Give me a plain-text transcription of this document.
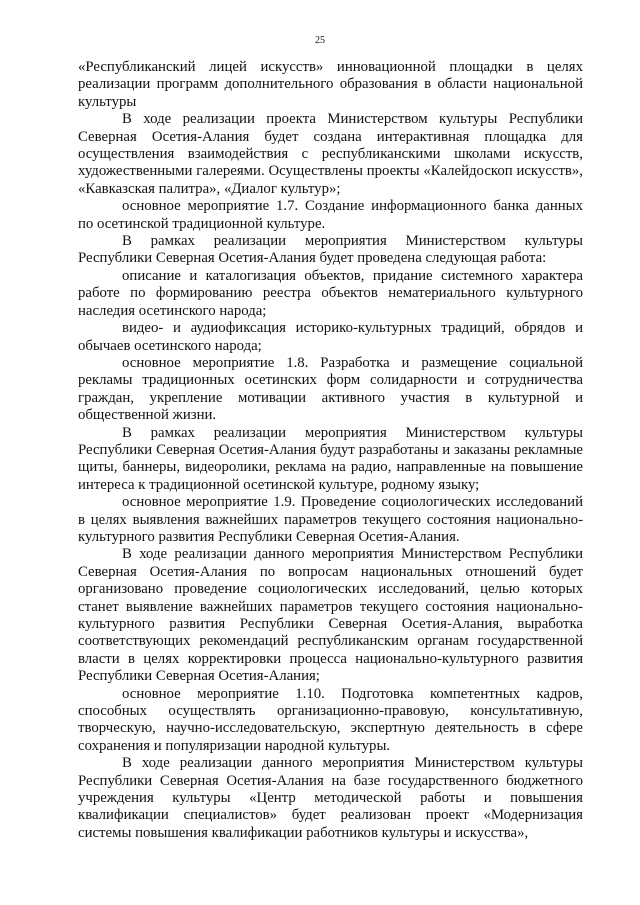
25

«Республиканский лицей искусств» инновационной площадки в целях реализации программ дополнительного образования в области национальной культуры

В ходе реализации проекта Министерством культуры Республики Северная Осетия-Алания будет создана интерактивная площадка для осуществления взаимодействия с республиканскими школами искусств, художественными галереями. Осуществлены проекты «Калейдоскоп искусств», «Кавказская палитра», «Диалог культур»;

основное мероприятие 1.7. Создание информационного банка данных по осетинской традиционной культуре.

В рамках реализации мероприятия Министерством культуры Республики Северная Осетия-Алания будет проведена следующая работа:

описание и каталогизация объектов, придание системного характера работе по формированию реестра объектов нематериального культурного наследия осетинского народа;

видео- и аудиофиксация историко-культурных традиций, обрядов и обычаев осетинского народа;

основное мероприятие 1.8. Разработка и размещение социальной рекламы традиционных осетинских форм солидарности и сотрудничества граждан, укрепление мотивации активного участия в культурной и общественной жизни.

В рамках реализации мероприятия Министерством культуры Республики Северная Осетия-Алания будут разработаны и заказаны рекламные щиты, баннеры, видеоролики, реклама на радио, направленные на повышение интереса к традиционной осетинской культуре, родному языку;

основное мероприятие 1.9. Проведение социологических исследований в целях выявления важнейших параметров текущего состояния национально-культурного развития Республики Северная Осетия-Алания.

В ходе реализации данного мероприятия Министерством Республики Северная Осетия-Алания по вопросам национальных отношений будет организовано проведение социологических исследований, целью которых станет выявление важнейших параметров текущего состояния национально-культурного развития Республики Северная Осетия-Алания, выработка соответствующих рекомендаций республиканским органам государственной власти в целях корректировки процесса национально-культурного развития Республики Северная Осетия-Алания;

основное мероприятие 1.10. Подготовка компетентных кадров, способных осуществлять организационно-правовую, консультативную, творческую, научно-исследовательскую, экспертную деятельность в сфере сохранения и популяризации народной культуры.

В ходе реализации данного мероприятия Министерством культуры Республики Северная Осетия-Алания на базе государственного бюджетного учреждения культуры «Центр методической работы и повышения квалификации специалистов» будет реализован проект «Модернизация системы повышения квалификации работников культуры и искусства»,
